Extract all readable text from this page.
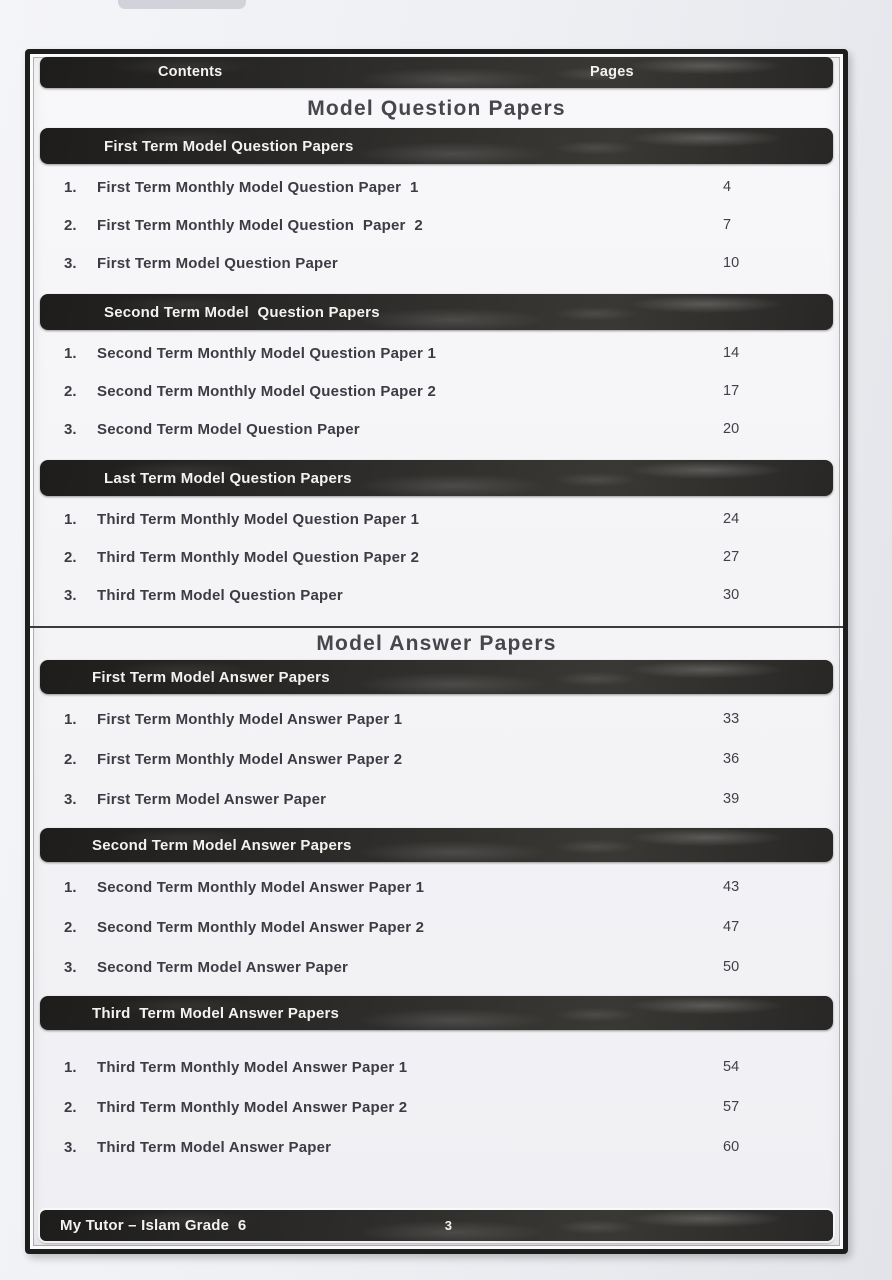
Contents	Pages
Model Question Papers
First Term Model Question Papers
1.	First Term Monthly Model Question Paper  1	4
2.	First Term Monthly Model Question  Paper  2	7
3.	First Term Model Question Paper	10
Second Term Model  Question Papers
1.	Second Term Monthly Model Question Paper 1	14
2.	Second Term Monthly Model Question Paper 2	17
3.	Second Term Model Question Paper	20
Last Term Model Question Papers
1.	Third Term Monthly Model Question Paper 1	24
2.	Third Term Monthly Model Question Paper 2	27
3.	Third Term Model Question Paper	30
Model Answer Papers
First Term Model Answer Papers
1.	First Term Monthly Model Answer Paper 1	33
2.	First Term Monthly Model Answer Paper 2	36
3.	First Term Model Answer Paper	39
Second Term Model Answer Papers
1.	Second Term Monthly Model Answer Paper 1	43
2.	Second Term Monthly Model Answer Paper 2	47
3.	Second Term Model Answer Paper	50
Third  Term Model Answer Papers
1.	Third Term Monthly Model Answer Paper 1	54
2.	Third Term Monthly Model Answer Paper 2	57
3.	Third Term Model Answer Paper	60
My Tutor – Islam Grade  6	3
